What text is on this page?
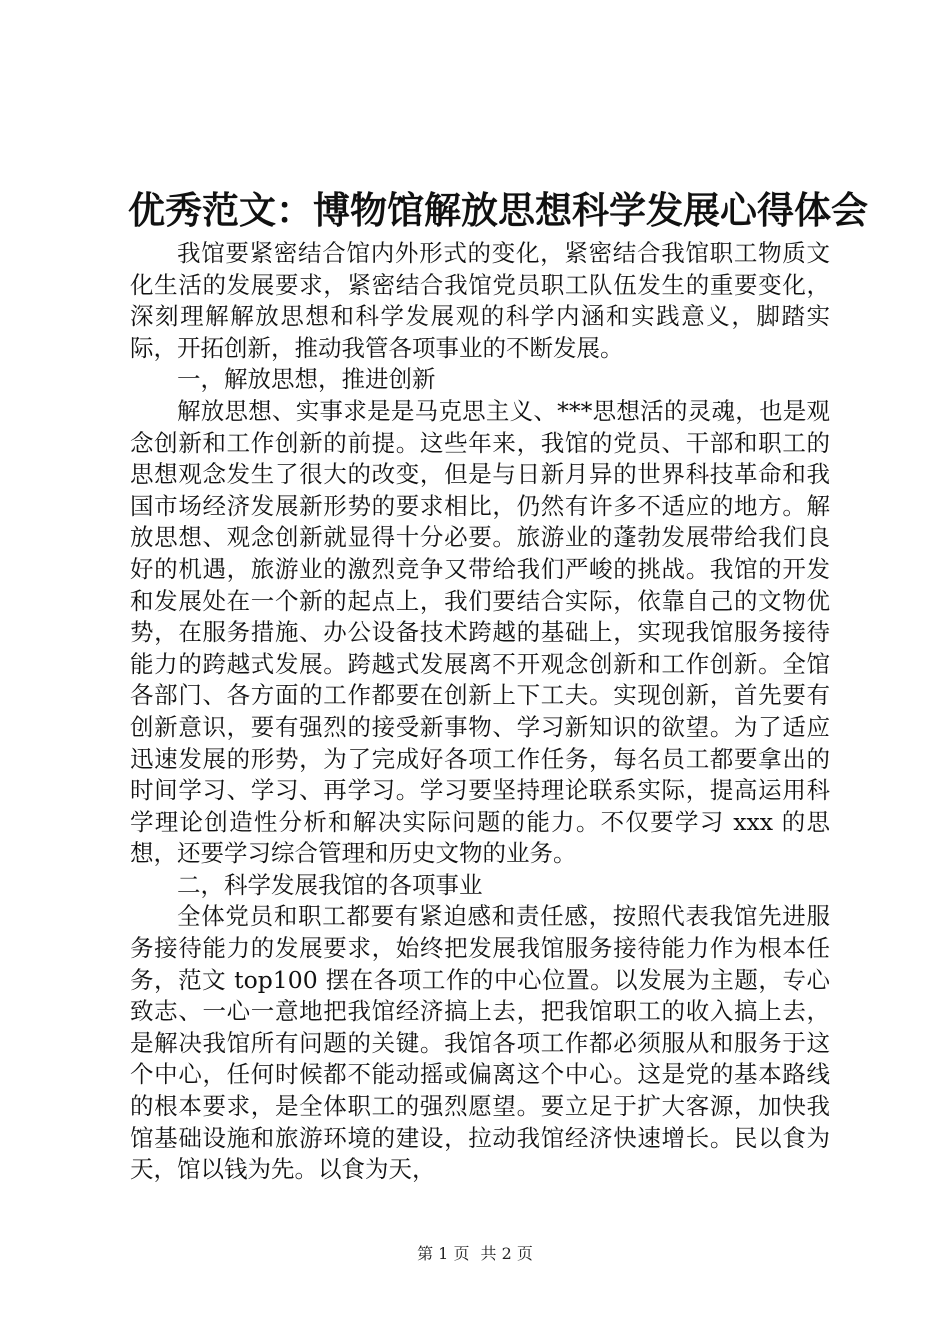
优秀范文：博物馆解放思想科学发展心得体会

我馆要紧密结合馆内外形式的变化，紧密结合我馆职工物质文化生活的发展要求，紧密结合我馆党员职工队伍发生的重要变化，深刻理解解放思想和科学发展观的科学内涵和实践意义，脚踏实际，开拓创新，推动我管各项事业的不断发展。

一，解放思想，推进创新

解放思想、实事求是是马克思主义、***思想活的灵魂，也是观念创新和工作创新的前提。这些年来，我馆的党员、干部和职工的思想观念发生了很大的改变，但是与日新月异的世界科技革命和我国市场经济发展新形势的要求相比，仍然有许多不适应的地方。解放思想、观念创新就显得十分必要。旅游业的蓬勃发展带给我们良好的机遇，旅游业的激烈竞争又带给我们严峻的挑战。我馆的开发和发展处在一个新的起点上，我们要结合实际，依靠自己的文物优势，在服务措施、办公设备技术跨越的基础上，实现我馆服务接待能力的跨越式发展。跨越式发展离不开观念创新和工作创新。全馆各部门、各方面的工作都要在创新上下工夫。实现创新，首先要有创新意识，要有强烈的接受新事物、学习新知识的欲望。为了适应迅速发展的形势，为了完成好各项工作任务，每名员工都要拿出的时间学习、学习、再学习。学习要坚持理论联系实际，提高运用科学理论创造性分析和解决实际问题的能力。不仅要学习 xxx 的思想，还要学习综合管理和历史文物的业务。

二，科学发展我馆的各项事业

全体党员和职工都要有紧迫感和责任感，按照代表我馆先进服务接待能力的发展要求，始终把发展我馆服务接待能力作为根本任务，范文 top100 摆在各项工作的中心位置。以发展为主题，专心致志、一心一意地把我馆经济搞上去，把我馆职工的收入搞上去，是解决我馆所有问题的关键。我馆各项工作都必须服从和服务于这个中心，任何时候都不能动摇或偏离这个中心。这是党的基本路线的根本要求，是全体职工的强烈愿望。要立足于扩大客源，加快我馆基础设施和旅游环境的建设，拉动我馆经济快速增长。民以食为天，馆以钱为先。以食为天，

第 1 页 共 2 页
